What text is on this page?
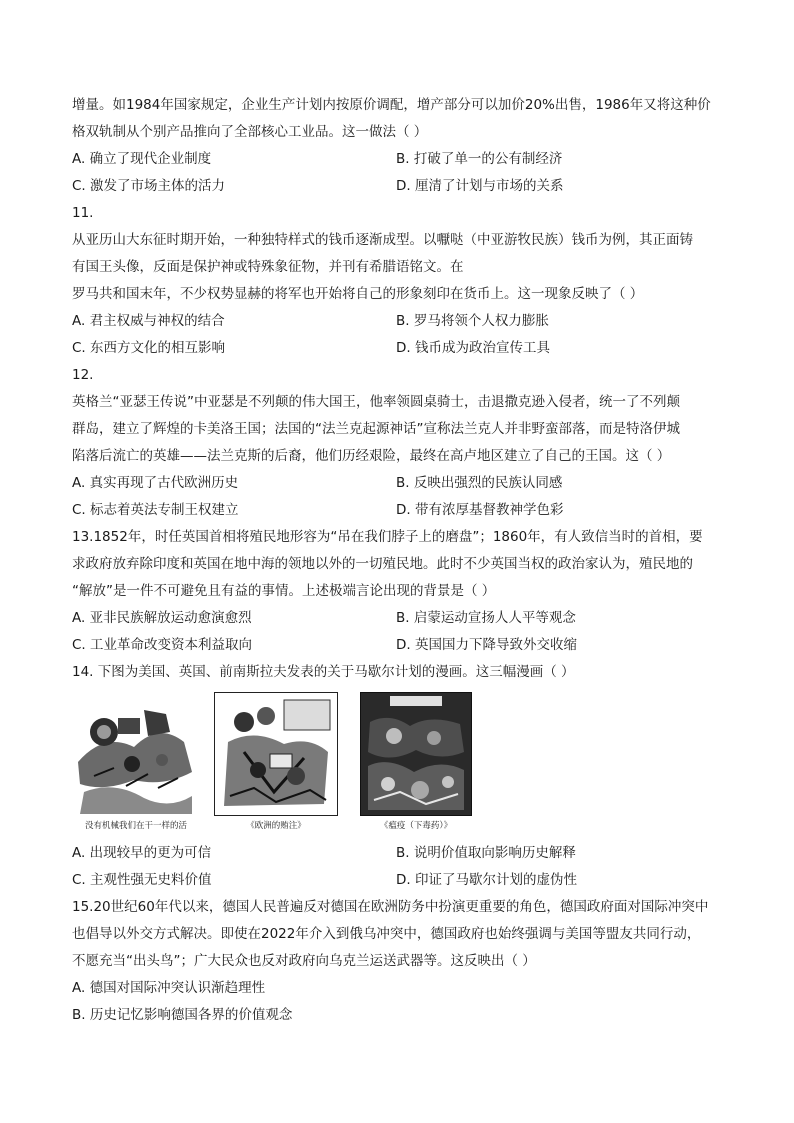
增量。如1984年国家规定，企业生产计划内按原价调配，增产部分可以加价20%出售，1986年又将这种价
格双轨制从个别产品推向了全部核心工业品。这一做法（ ）
A. 确立了现代企业制度	B. 打破了单一的公有制经济
C. 激发了市场主体的活力	D. 厘清了计划与市场的关系
11.
从亚历山大东征时期开始，一种独特样式的钱币逐渐成型。以嚈哒（中亚游牧民族）钱币为例，其正面铸
有国王头像，反面是保护神或特殊象征物，并刊有希腊语铭文。在
罗马共和国末年，不少权势显赫的将军也开始将自己的形象刻印在货币上。这一现象反映了（ ）
A. 君主权威与神权的结合	B. 罗马将领个人权力膨胀
C. 东西方文化的相互影响	D. 钱币成为政治宣传工具
12.
英格兰“亚瑟王传说”中亚瑟是不列颠的伟大国王，他率领圆桌骑士，击退撒克逊入侵者，统一了不列颠
群岛，建立了辉煌的卡美洛王国；法国的“法兰克起源神话”宣称法兰克人并非野蛮部落，而是特洛伊城
陷落后流亡的英雄——法兰克斯的后裔，他们历经艰险，最终在高卢地区建立了自己的王国。这（ ）
A. 真实再现了古代欧洲历史	B. 反映出强烈的民族认同感
C. 标志着英法专制王权建立	D. 带有浓厚基督教神学色彩
13.1852年，时任英国首相将殖民地形容为“吊在我们脖子上的磨盘”；1860年，有人致信当时的首相，要
求政府放弃除印度和英国在地中海的领地以外的一切殖民地。此时不少英国当权的政治家认为，殖民地的
“解放”是一件不可避免且有益的事情。上述极端言论出现的背景是（ ）
A. 亚非民族解放运动愈演愈烈	B. 启蒙运动宣扬人人平等观念
C. 工业革命改变资本利益取向	D. 英国国力下降导致外交收缩
14. 下图为美国、英国、前南斯拉夫发表的关于马歇尔计划的漫画。这三幅漫画（ ）
没有机械我们在干一样的活	《欧洲的贿注》	《瘟疫（下毒药）》
A. 出现较早的更为可信	B. 说明价值取向影响历史解释
C. 主观性强无史料价值	D. 印证了马歇尔计划的虚伪性
15.20世纪60年代以来，德国人民普遍反对德国在欧洲防务中扮演更重要的角色，德国政府面对国际冲突中
也倡导以外交方式解决。即使在2022年介入到俄乌冲突中，德国政府也始终强调与美国等盟友共同行动，
不愿充当“出头鸟”；广大民众也反对政府向乌克兰运送武器等。这反映出（ ）
A. 德国对国际冲突认识渐趋理性
B. 历史记忆影响德国各界的价值观念
